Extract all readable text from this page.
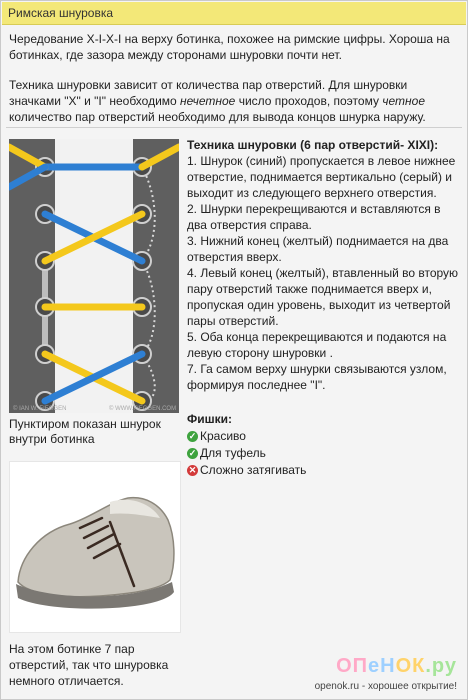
Римская шнуровка

Чередование X-I-X-I на верху ботинка, похожее на римские цифры. Хороша на ботинках, где зазора между сторонами шнуровки почти нет.

Техника шнуровки зависит от количества пар отверстий. Для шнуровки значками "X" и "I" необходимо нечетное число проходов, поэтому четное количество пар отверстий необходимо для вывода концов шнурка наружу.

© IAN W. FIEGGEN	© WWW.FIEGGEN.COM
Пунктиром показан шнурок внутри ботинка
На этом ботинке 7 пар отверстий, так что шнуровка немного отличается.
Техника шнуровки (6 пар отверстий- XIXI):
1. Шнурок (синий) пропускается в левое нижнее отверстие, поднимается вертикально (серый) и выходит из следующего верхнего отверстия.
2. Шнурки перекрещиваются и вставляются в два отверстия справа.
3. Нижний конец (желтый) поднимается на два отверстия вверх.
4. Левый конец (желтый), втавленный во вторую пару отверстий также поднимается вверх и, пропуская один уровень, выходит из четвертой пары отверстий.
5. Оба конца перекрещиваются и подаются на левую сторону шнуровки .
7. Га самом верху шнурки связываются узлом, формируя последнее "I".
Фишки:
✓ Красиво
✓ Для туфель
✕ Сложно затягивать
ОПеНОК.ру
openok.ru - хорошее открытие!
